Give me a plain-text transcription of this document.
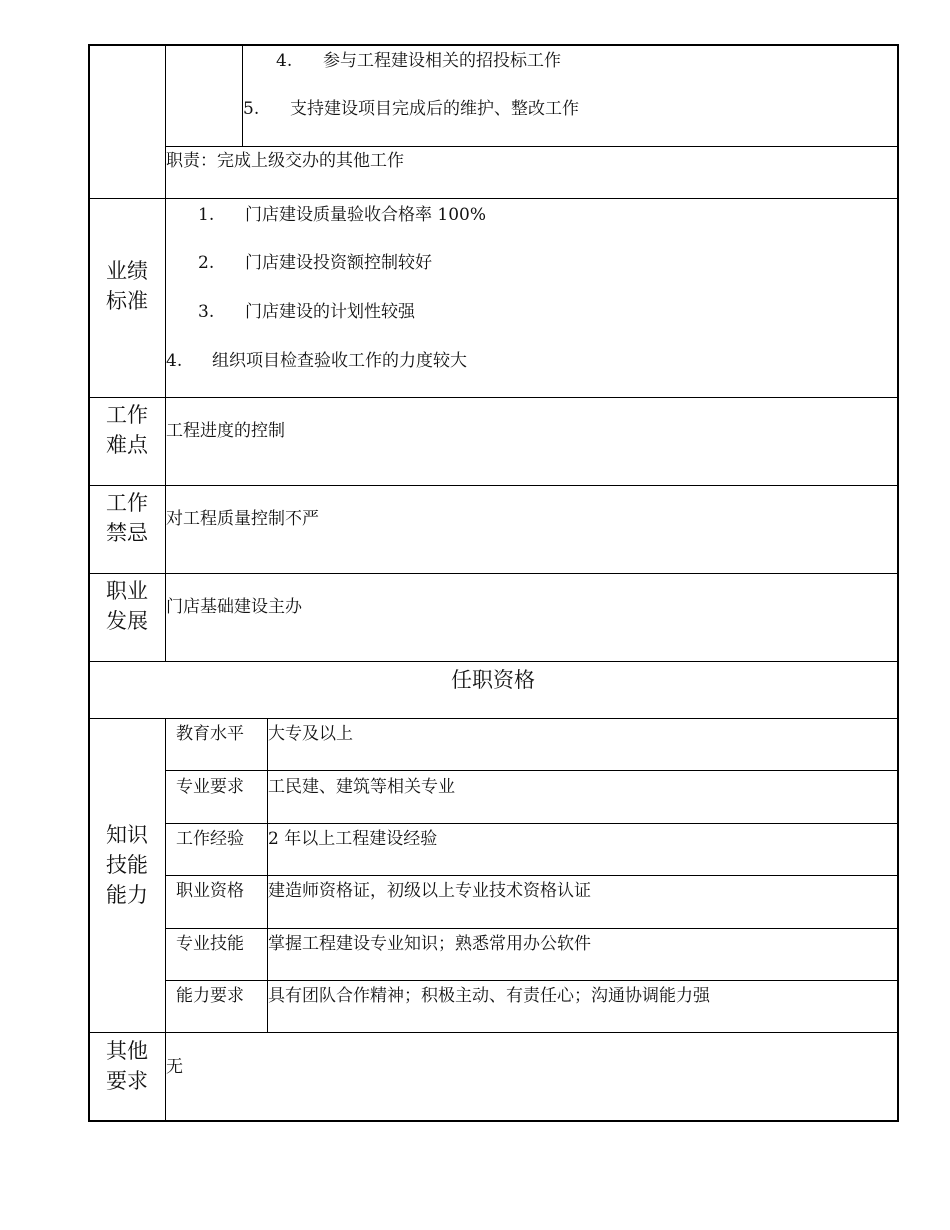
4. 参与工程建设相关的招投标工作
5. 支持建设项目完成后的维护、整改工作
职责：完成上级交办的其他工作
业绩
标准
1. 门店建设质量验收合格率 100%
2. 门店建设投资额控制较好
3. 门店建设的计划性较强
4. 组织项目检查验收工作的力度较大
工作
难点
工程进度的控制
工作
禁忌
对工程质量控制不严
职业
发展
门店基础建设主办
任职资格
知识
技能
能力
教育水平 大专及以上
专业要求 工民建、建筑等相关专业
工作经验 2 年以上工程建设经验
职业资格 建造师资格证，初级以上专业技术资格认证
专业技能 掌握工程建设专业知识；熟悉常用办公软件
能力要求 具有团队合作精神；积极主动、有责任心；沟通协调能力强
其他
要求
无
